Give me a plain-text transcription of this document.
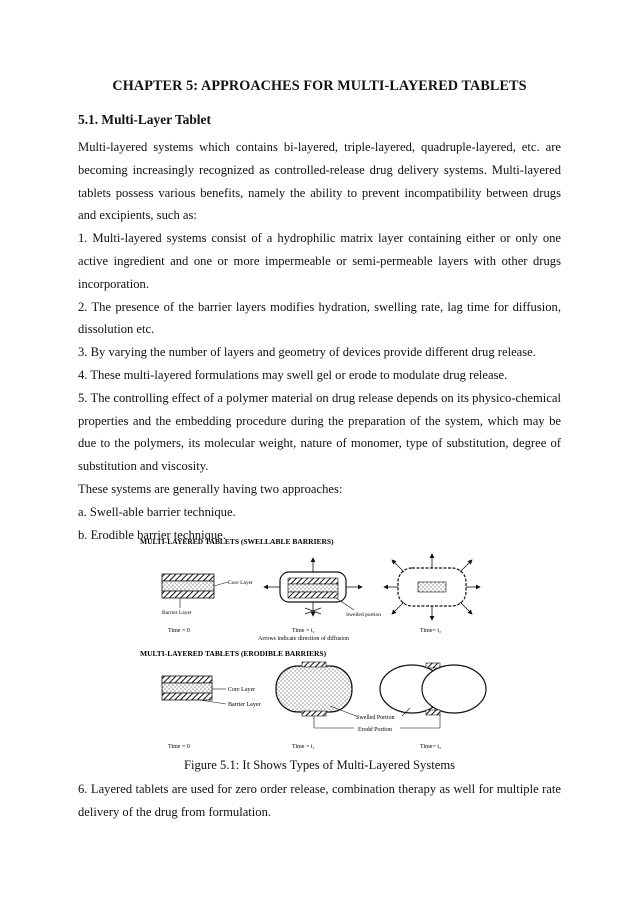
CHAPTER 5: APPROACHES FOR MULTI-LAYERED TABLETS
5.1. Multi-Layer Tablet

Multi-layered systems which contains bi-layered, triple-layered, quadruple-layered, etc. are becoming increasingly recognized as controlled-release drug delivery systems. Multi-layered tablets possess various benefits, namely the ability to prevent incompatibility between drugs and excipients, such as:

1. Multi-layered systems consist of a hydrophilic matrix layer containing either or only one active ingredient and one or more impermeable or semi-permeable layers with other drugs incorporation.

2. The presence of the barrier layers modifies hydration, swelling rate, lag time for diffusion, dissolution etc.

3. By varying the number of layers and geometry of devices provide different drug release.

4. These multi-layered formulations may swell gel or erode to modulate drug release.

5. The controlling effect of a polymer material on drug release depends on its physico-chemical properties and the embedding procedure during the preparation of the system, which may be due to the polymers, its molecular weight, nature of monomer, type of substitution, degree of substitution and viscosity.

These systems are generally having two approaches:

a. Swell-able barrier technique.

b. Erodible barrier technique.

MULTI-LAYERED TABLETS (SWELLABLE BARRIERS)
Core Layer
Barrier Layer	Swelled portion
Time = 0	Time = t₁	Time= t₂
Arrows indicate direction of diffusion
MULTI-LAYERED TABLETS (ERODIBLE BARRIERS)
Core Layer
Barrier Layer
Swelled Portion
Erodd Portion
Time = 0	Time = t₁	Time= t₂
Figure 5.1: It Shows Types of Multi-Layered Systems
6. Layered tablets are used for zero order release, combination therapy as well for multiple rate delivery of the drug from formulation.
